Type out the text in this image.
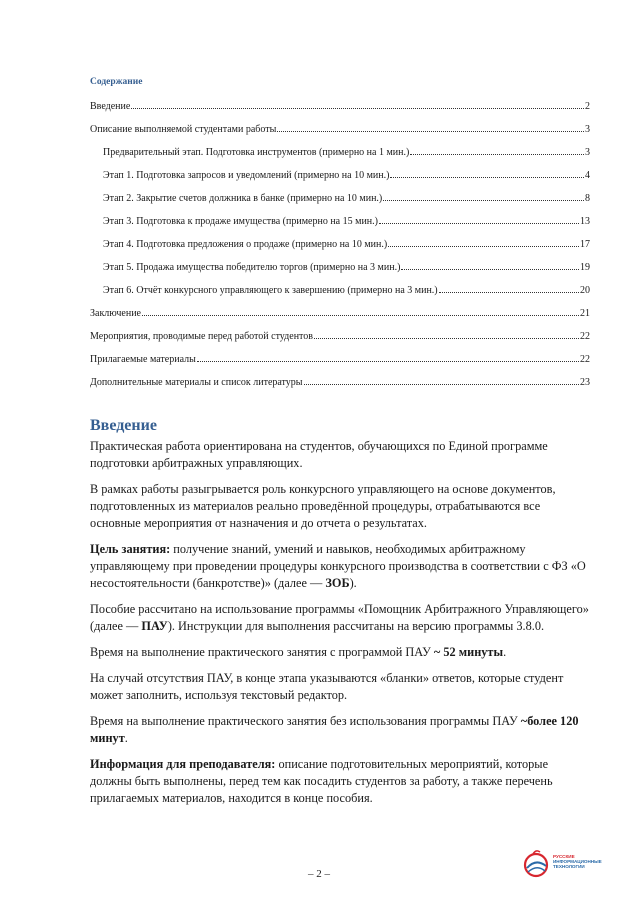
Содержание
Введение	2
Описание выполняемой студентами работы	3
Предварительный этап. Подготовка инструментов (примерно на 1 мин.)	3
Этап 1. Подготовка запросов и уведомлений (примерно на 10 мин.)	4
Этап 2. Закрытие счетов должника в банке (примерно на 10 мин.)	8
Этап 3. Подготовка к продаже имущества (примерно на 15 мин.)	13
Этап 4. Подготовка предложения о продаже (примерно на 10 мин.)	17
Этап 5. Продажа имущества победителю торгов (примерно на 3 мин.)	19
Этап 6. Отчёт конкурсного управляющего к завершению (примерно на 3 мин.)	20
Заключение	21
Мероприятия, проводимые перед работой студентов	22
Прилагаемые материалы	22
Дополнительные материалы и список литературы	23
Введение

Практическая работа ориентирована на студентов, обучающихся по Единой программе подготовки арбитражных управляющих.

В рамках работы разыгрывается роль конкурсного управляющего на основе документов, подготовленных из материалов реально проведённой процедуры, отрабатываются все основные мероприятия от назначения и до отчета о результатах.

Цель занятия: получение знаний, умений и навыков, необходимых арбитражному управляющему при проведении процедуры конкурсного производства в соответствии с ФЗ «О несостоятельности (банкротстве)» (далее — ЗОБ).

Пособие рассчитано на использование программы «Помощник Арбитражного Управляющего» (далее — ПАУ). Инструкции для выполнения рассчитаны на версию программы 3.8.0.

Время на выполнение практического занятия с программой ПАУ ~ 52 минуты.

На случай отсутствия ПАУ, в конце этапа указываются «бланки» ответов, которые студент может заполнить, используя текстовый редактор.

Время на выполнение практического занятия без использования программы ПАУ ~более 120 минут.

Информация для преподавателя: описание подготовительных мероприятий, которые должны быть выполнены, перед тем как посадить студентов за работу, а также перечень прилагаемых материалов, находится в конце пособия.

– 2 –
РУССКИЕ
ИНФОРМАЦИОННЫЕ
ТЕХНОЛОГИИ
